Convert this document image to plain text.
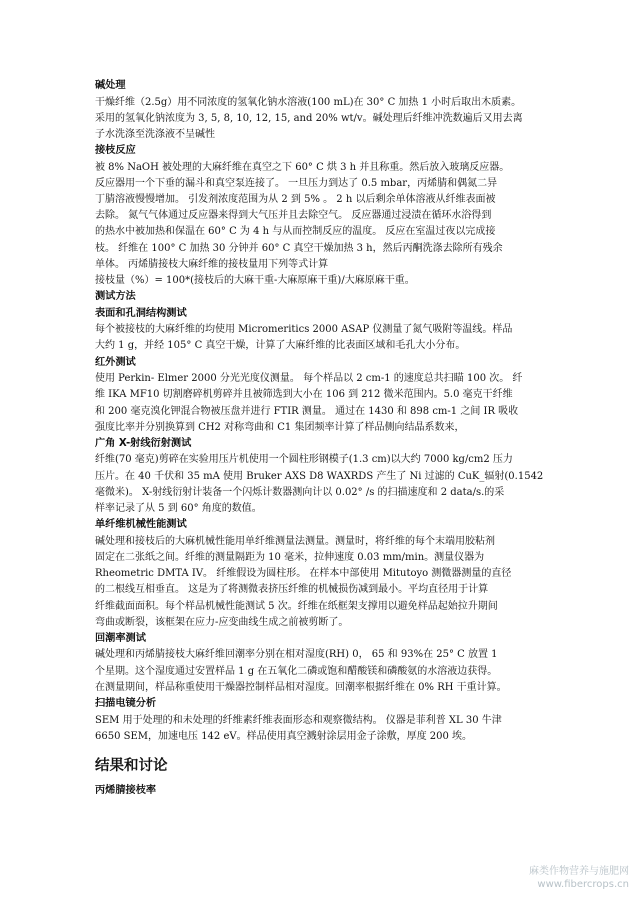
碱处理
干燥纤维（2.5g）用不同浓度的氢氧化钠水溶液(100 mL)在 30° C 加热 1 小时后取出木质素。
采用的氢氧化钠浓度为 3, 5, 8, 10, 12, 15, and 20% wt/v。碱处理后纤维冲洗数遍后又用去离
子水洗涤至洗涤液不呈碱性
接枝反应
被 8% NaOH 被处理的大麻纤维在真空之下 60° C 烘 3 h 并且称重。然后放入玻璃反应器。
反应器用一个下垂的漏斗和真空泵连接了。 一旦压力到达了 0.5 mbar，丙烯腈和偶氮二异
丁腈溶液慢慢增加。 引发剂浓度范围为从 2 到 5% 。 2 h 以后剩余单体溶液从纤维表面被
去除。 氮气气体通过反应器来得到大气压并且去除空气。 反应器通过浸渍在循环水浴得到
的热水中被加热和保温在 60° C 为 4 h 与从而控制反应的温度。 反应在室温过夜以完成接
枝。 纤维在 100° C 加热 30 分钟并 60° C 真空干燥加热 3 h，然后丙酮洗涤去除所有残余
单体。 丙烯腈接枝大麻纤维的接枝量用下列等式计算
接枝量（%）= 100*(接枝后的大麻干重-大麻原麻干重)/大麻原麻干重。
测试方法
表面和孔洞结构测试
每个被接枝的大麻纤维的均使用 Micromeritics 2000 ASAP 仪测量了氮气吸附等温线。样品
大约 1 g，并经 105° C 真空干燥，计算了大麻纤维的比表面区域和毛孔大小分布。
红外测试
使用 Perkin- Elmer 2000 分光光度仪测量。 每个样品以 2 cm-1 的速度总共扫瞄 100 次。 纤
维 IKA MF10 切割磨碎机剪碎并且被筛选到大小在 106 到 212 微米范围内。5.0 毫克干纤维
和 200 毫克溴化钾混合物被压盘并进行 FTIR 测量。 通过在 1430 和 898 cm-1 之间 IR 吸收
强度比率并分别换算到 CH2 对称弯曲和 C1 集团频率计算了样品侧向结晶系数来，
广角 X-射线衍射测试
纤维(70 毫克)剪碎在实验用压片机使用一个圆柱形钢模子(1.3 cm)以大约 7000 kg/cm2 压力
压片。在 40 千伏和 35 mA 使用 Bruker AXS D8 WAXRDS 产生了 Ni 过滤的 CuK_辐射(0.1542
毫微米)。 X-射线衍射计装备一个闪烁计数器测向计以 0.02° /s 的扫描速度和 2 data/s.的采
样率记录了从 5 到 60° 角度的数值。
单纤维机械性能测试
碱处理和接枝后的大麻机械性能用单纤维测量法测量。测量时，将纤维的每个末端用胶粘剂
固定在二张纸之间。纤维的测量隔距为 10 毫米，拉伸速度 0.03 mm/min。测量仪器为
Rheometric DMTA IV。 纤维假设为圆柱形。 在样本中部使用 Mitutoyo 测微器测量的直径
的二根线互相垂直。 这是为了将测微表挤压纤维的机械损伤减到最小。平均直径用于计算
纤维截面面积。每个样品机械性能测试 5 次。纤维在纸框架支撑用以避免样品起始拉升期间
弯曲或断裂，该框架在应力-应变曲线生成之前被剪断了。
回潮率测试
碱处理和丙烯腈接枝大麻纤维回潮率分别在相对湿度(RH) 0， 65 和 93%在 25° C 放置 1
个星期。这个湿度通过安置样品 1 g 在五氧化二磷或饱和醋酸镁和磷酸氨的水溶液边获得。
在测量期间，样品称重使用干燥器控制样品相对湿度。回潮率根据纤维在 0% RH 干重计算。
扫描电镜分析
SEM 用于处理的和未处理的纤维素纤维表面形态和观察微结构。 仪器是菲利普 XL 30 牛津
6650 SEM，加速电压 142 eV。样品使用真空溅射涂层用金子涂敷，厚度 200 埃。
结果和讨论
丙烯腈接枝率
麻类作物营养与施肥网
www.fibercrops.cn
